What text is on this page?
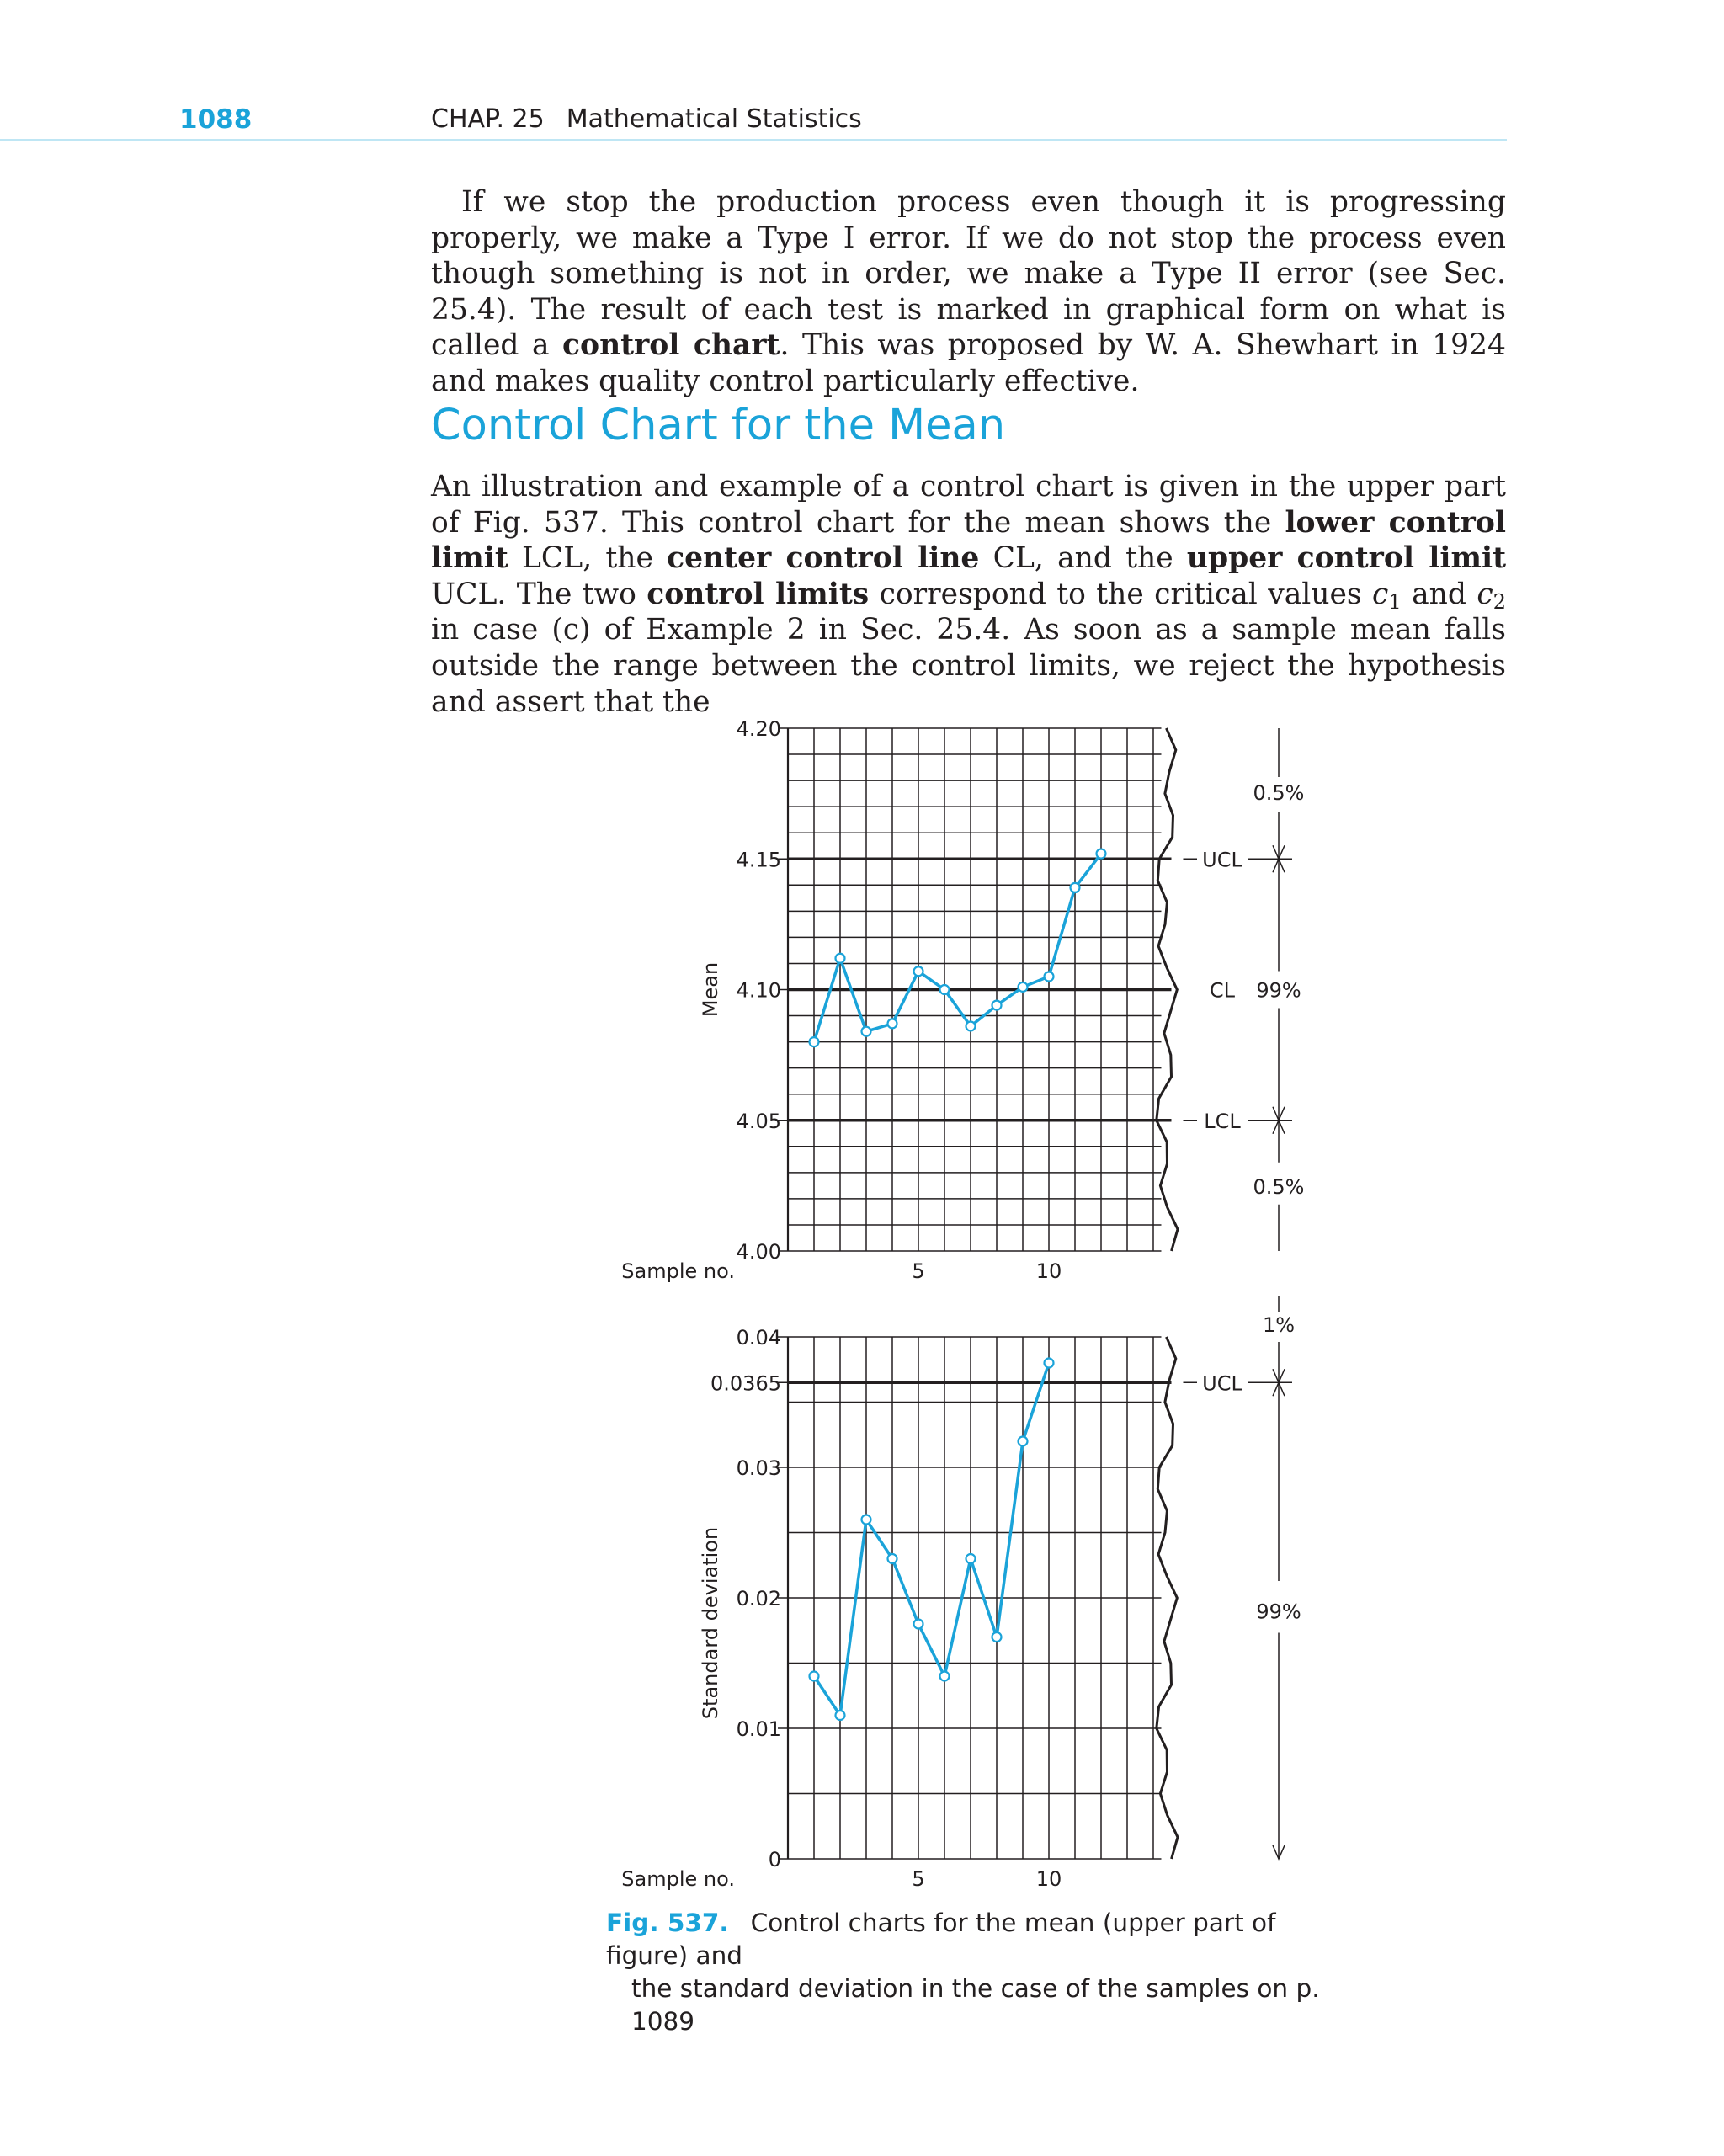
1088	CHAP. 25 Mathematical Statistics

If we stop the production process even though it is progressing properly, we make a Type I error. If we do not stop the process even though something is not in order, we make a Type II error (see Sec. 25.4). The result of each test is marked in graphical form on what is called a control chart. This was proposed by W. A. Shewhart in 1924 and makes quality control particularly effective.

Control Chart for the Mean

An illustration and example of a control chart is given in the upper part of Fig. 537. This control chart for the mean shows the lower control limit LCL, the center control line CL, and the upper control limit UCL. The two control limits correspond to the critical values $c_1$ and $c_2$ in case (c) of Example 2 in Sec. 25.4. As soon as a sample mean falls outside the range between the control limits, we reject the hypothesis and assert that the

4.00
4.05
4.10
4.15
4.20
UCL
CL
LCL
Mean
Sample no.	5	10
0.5%
99%
0.5%
0
0.01
0.02
0.03
0.0365
0.04
UCL
Standard deviation
Sample no.	5	10
1%
99%
Fig. 537. Control charts for the mean (upper part of figure) and
the standard deviation in the case of the samples on p. 1089
